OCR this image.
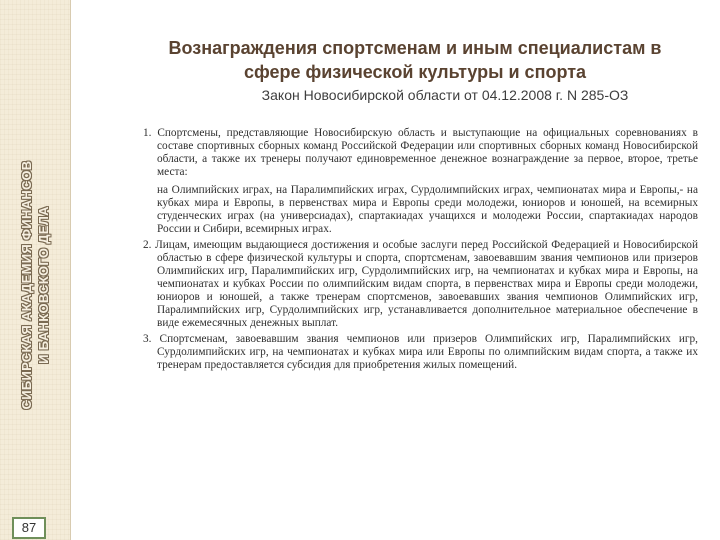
СИБИРСКАЯ АКАДЕМИЯ ФИНАНСОВ И БАНКОВСКОГО ДЕЛА
87
Вознаграждения спортсменам и иным специалистам в
сфере физической культуры и спорта
Закон Новосибирской области от 04.12.2008 г. N 285-ОЗ

1. Спортсмены, представляющие Новосибирскую область и выступающие на официальных соревнованиях в составе спортивных сборных команд Российской Федерации или спортивных сборных команд Новосибирской области, а также их тренеры получают единовременное денежное вознаграждение за первое, второе, третье места:

на Олимпийских играх, на Паралимпийских играх, Сурдолимпийских играх, чемпионатах мира и Европы,- на кубках мира и Европы, в первенствах мира и Европы среди молодежи, юниоров и юношей, на всемирных студенческих играх (на универсиадах), спартакиадах учащихся и молодежи России, спартакиадах народов России и Сибири, всемирных играх.

2. Лицам, имеющим выдающиеся достижения и особые заслуги перед Российской Федерацией и Новосибирской областью в сфере физической культуры и спорта, спортсменам, завоевавшим звания чемпионов или призеров Олимпийских игр, Паралимпийских игр, Сурдолимпийских игр, на чемпионатах и кубках мира и Европы, на чемпионатах и кубках России по олимпийским видам спорта, в первенствах мира и Европы среди молодежи, юниоров и юношей, а также тренерам спортсменов, завоевавших звания чемпионов Олимпийских игр, Паралимпийских игр, Сурдолимпийских игр, устанавливается дополнительное материальное обеспечение в виде ежемесячных денежных выплат.

3. Спортсменам, завоевавшим звания чемпионов или призеров Олимпийских игр, Паралимпийских игр, Сурдолимпийских игр, на чемпионатах и кубках мира или Европы по олимпийским видам спорта, а также их тренерам предоставляется субсидия для приобретения жилых помещений.
